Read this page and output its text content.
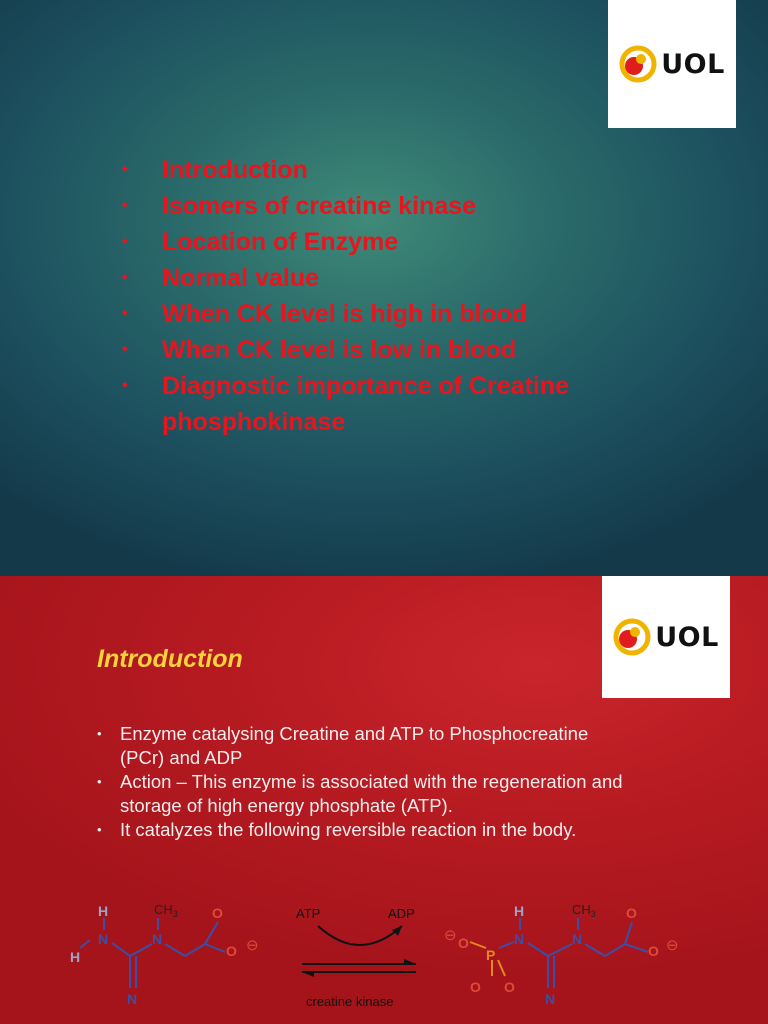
UOL
• Introduction
• Isomers of creatine kinase
• Location of Enzyme
• Normal value
• When CK level is high in blood
• When CK level is low in blood
• Diagnostic importance of Creatine phosphokinase
UOL
Introduction
• Enzyme catalysing Creatine and ATP to Phosphocreatine (PCr) and ADP
• Action – This enzyme is associated with the regeneration and storage of high energy phosphate (ATP).
• It catalyzes the following reversible reaction in the body.
H
N
H
N
$CH_3$ O
O ⊖
N
ATP	ADP
creatine kinase
⊖ O
P
O O
H
N	N
$CH_3$ O
O ⊖
N
